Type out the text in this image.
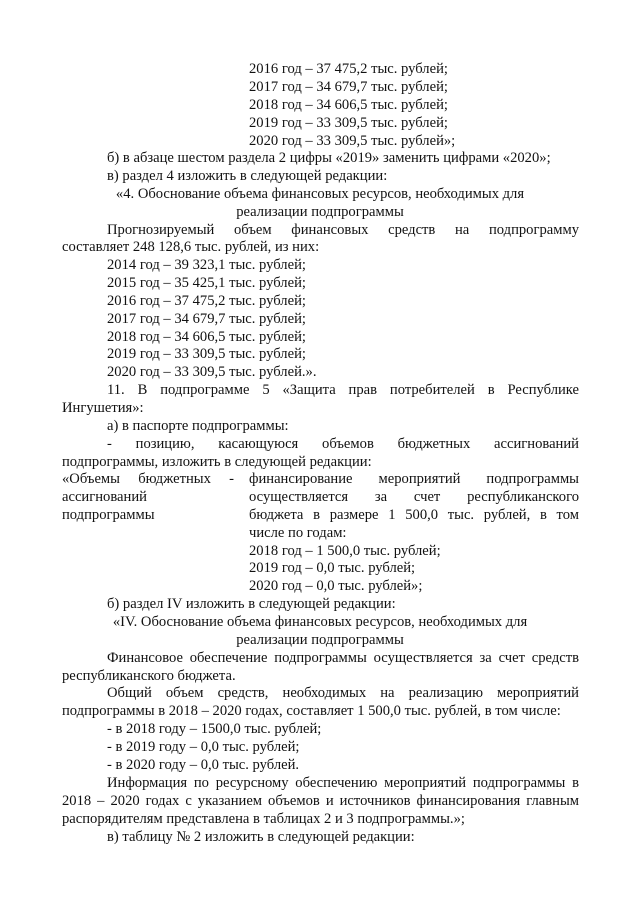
2016 год – 37 475,2 тыс. рублей;
2017 год – 34 679,7 тыс. рублей;
2018 год – 34 606,5 тыс. рублей;
2019 год – 33 309,5 тыс. рублей;
2020 год – 33 309,5 тыс. рублей»;
б) в абзаце шестом раздела 2 цифры «2019» заменить цифрами «2020»;
в) раздел 4 изложить в следующей редакции:
«4. Обоснование объема финансовых ресурсов, необходимых для
реализации подпрограммы
Прогнозируемый объем финансовых средств на подпрограмму
составляет 248 128,6 тыс. рублей, из них:
2014 год – 39 323,1 тыс. рублей;
2015 год – 35 425,1 тыс. рублей;
2016 год – 37 475,2 тыс. рублей;
2017 год – 34 679,7 тыс. рублей;
2018 год – 34 606,5 тыс. рублей;
2019 год – 33 309,5 тыс. рублей;
2020 год – 33 309,5 тыс. рублей.».
11. В подпрограмме 5 «Защита прав потребителей в Республике
Ингушетия»:
а) в паспорте подпрограммы:
- позицию, касающуюся объемов бюджетных ассигнований
подпрограммы, изложить в следующей редакции:
«Объемы бюджетных - финансирование мероприятий подпрограммы
ассигнований	осуществляется за счет республиканского
подпрограммы	бюджета в размере 1 500,0 тыс. рублей, в том
числе по годам:
2018 год – 1 500,0 тыс. рублей;
2019 год – 0,0 тыс. рублей;
2020 год – 0,0 тыс. рублей»;
б) раздел IV изложить в следующей редакции:
«IV. Обоснование объема финансовых ресурсов, необходимых для
реализации подпрограммы
Финансовое обеспечение подпрограммы осуществляется за счет средств
республиканского бюджета.
Общий объем средств, необходимых на реализацию мероприятий
подпрограммы в 2018 – 2020 годах, составляет 1 500,0 тыс. рублей, в том числе:
- в 2018 году – 1500,0 тыс. рублей;
- в 2019 году – 0,0 тыс. рублей;
- в 2020 году – 0,0 тыс. рублей.
Информация по ресурсному обеспечению мероприятий подпрограммы в
2018 – 2020 годах с указанием объемов и источников финансирования главным
распорядителям представлена в таблицах 2 и 3 подпрограммы.»;
в) таблицу № 2 изложить в следующей редакции:
